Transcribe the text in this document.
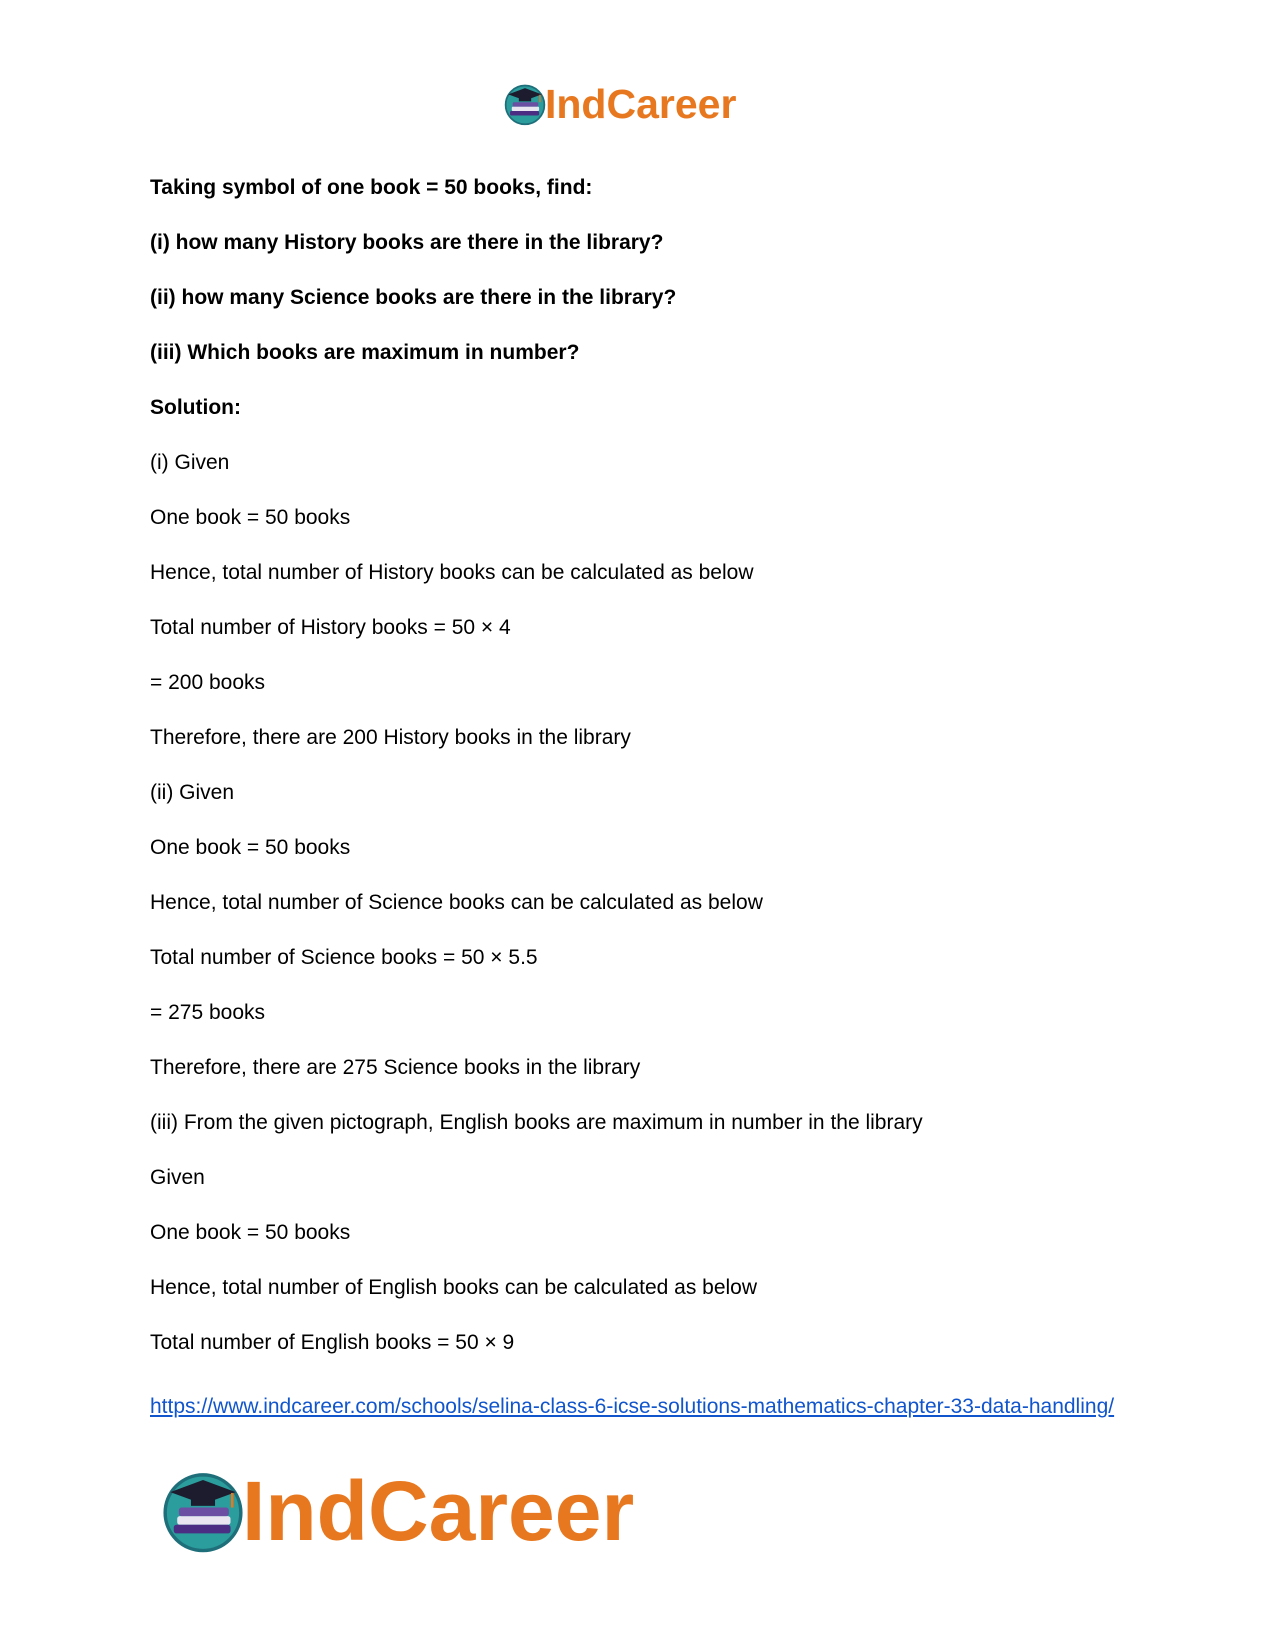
IndCareer
Taking symbol of one book = 50 books, find:
(i) how many History books are there in the library?
(ii) how many Science books are there in the library?
(iii) Which books are maximum in number?
Solution:
(i) Given
One book = 50 books
Hence, total number of History books can be calculated as below
Total number of History books = 50 × 4
= 200 books
Therefore, there are 200 History books in the library
(ii) Given
One book = 50 books
Hence, total number of Science books can be calculated as below
Total number of Science books = 50 × 5.5
= 275 books
Therefore, there are 275 Science books in the library
(iii) From the given pictograph, English books are maximum in number in the library
Given
One book = 50 books
Hence, total number of English books can be calculated as below
Total number of English books = 50 × 9
https://www.indcareer.com/schools/selina-class-6-icse-solutions-mathematics-chapter-33-data-handling/
IndCareer
